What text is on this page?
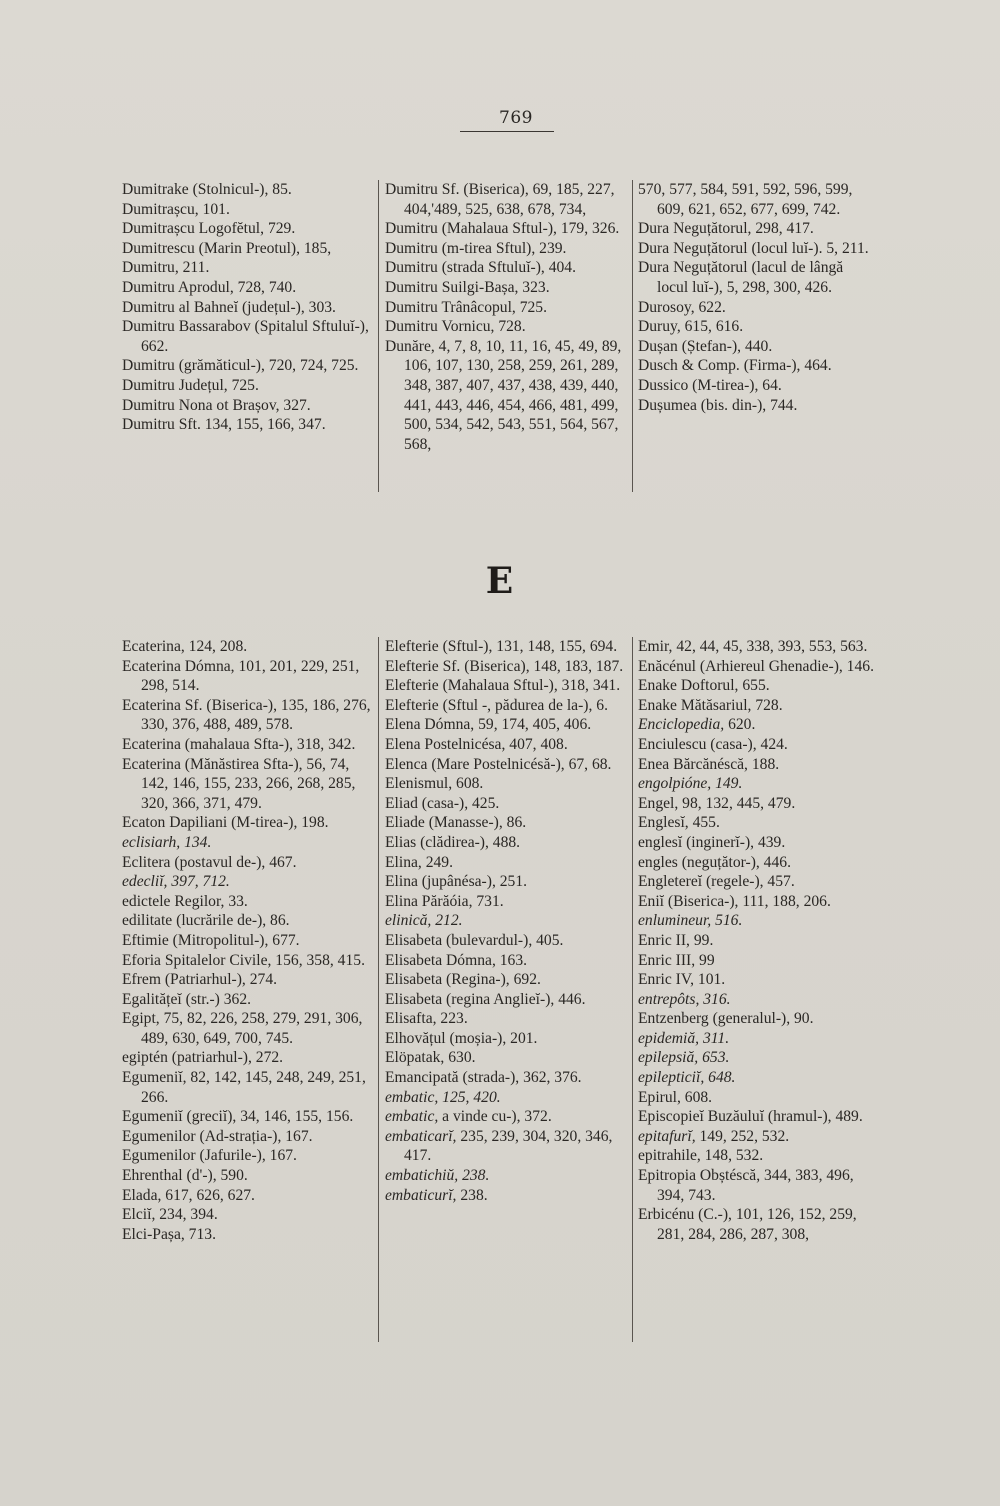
769
Dumitrake (Stolnicul-), 85.
Dumitrașcu, 101.
Dumitrașcu Logofĕtul, 729.
Dumitrescu (Marin Preotul), 185,
Dumitru, 211.
Dumitru Aprodul, 728, 740.
Dumitru al Bahneĭ (județul-), 303.
Dumitru Bassarabov (Spitalul Sftuluĭ-), 662.
Dumitru (grămăticul-), 720, 724, 725.
Dumitru Județul, 725.
Dumitru Nona ot Brașov, 327.
Dumitru Sft. 134, 155, 166, 347.
Dumitru Sf. (Biserica), 69, 185, 227, 404,'489, 525, 638, 678, 734,
Dumitru (Mahalaua Sftul-), 179, 326.
Dumitru (m-tirea Sftul), 239.
Dumitru (strada Sftuluĭ-), 404.
Dumitru Suilgi-Bașa, 323.
Dumitru Trânâcopul, 725.
Dumitru Vornicu, 728.
Dunăre, 4, 7, 8, 10, 11, 16, 45, 49, 89, 106, 107, 130, 258, 259, 261, 289, 348, 387, 407, 437, 438, 439, 440, 441, 443, 446, 454, 466, 481, 499, 500, 534, 542, 543, 551, 564, 567, 568,
570, 577, 584, 591, 592, 596, 599, 609, 621, 652, 677, 699, 742.
Dura Neguțătorul, 298, 417.
Dura Neguțătorul (locul luĭ-). 5, 211.
Dura Neguțătorul (lacul de lângă locul luĭ-), 5, 298, 300, 426.
Durosoy, 622.
Duruy, 615, 616.
Dușan (Ștefan-), 440.
Dusch & Comp. (Firma-), 464.
Dussico (M-tirea-), 64.
Dușumea (bis. din-), 744.
E
Ecaterina, 124, 208.
Ecaterina Dómna, 101, 201, 229, 251, 298, 514.
Ecaterina Sf. (Biserica-), 135, 186, 276, 330, 376, 488, 489, 578.
Ecaterina (mahalaua Sfta-), 318, 342.
Ecaterina (Mănăstirea Sfta-), 56, 74, 142, 146, 155, 233, 266, 268, 285, 320, 366, 371, 479.
Ecaton Dapiliani (M-tirea-), 198.
eclisiarh, 134.
Eclitera (postavul de-), 467.
edecliĭ, 397, 712.
edictele Regilor, 33.
edilitate (lucrările de-), 86.
Eftimie (Mitropolitul-), 677.
Eforia Spitalelor Civile, 156, 358, 415.
Efrem (Patriarhul-), 274.
Egalitățeĭ (str.-) 362.
Egipt, 75, 82, 226, 258, 279, 291, 306, 489, 630, 649, 700, 745.
egiptén (patriarhul-), 272.
Egumeniĭ, 82, 142, 145, 248, 249, 251, 266.
Egumeniĭ (greciĭ), 34, 146, 155, 156.
Egumenilor (Ad-strația-), 167.
Egumenilor (Jafurile-), 167.
Ehrenthal (d'-), 590.
Elada, 617, 626, 627.
Elciĭ, 234, 394.
Elci-Pașa, 713.
Elefterie (Sftul-), 131, 148, 155, 694.
Elefterie Sf. (Biserica), 148, 183, 187.
Elefterie (Mahalaua Sftul-), 318, 341.
Elefterie (Sftul -, pădurea de la-), 6.
Elena Dómna, 59, 174, 405, 406.
Elena Postelnicésa, 407, 408.
Elenca (Mare Postelnicésă-), 67, 68.
Elenismul, 608.
Eliad (casa-), 425.
Eliade (Manasse-), 86.
Elias (clădirea-), 488.
Elina, 249.
Elina (jupânésa-), 251.
Elina Părăóia, 731.
elinică, 212.
Elisabeta (bulevardul-), 405.
Elisabeta Dómna, 163.
Elisabeta (Regina-), 692.
Elisabeta (regina Anglieĭ-), 446.
Elisafta, 223.
Elhovățul (moșia-), 201.
Elöpatak, 630.
Emancipată (strada-), 362, 376.
embatic, 125, 420.
embatic, a vinde cu-), 372.
embaticarĭ, 235, 239, 304, 320, 346, 417.
embatichiŭ, 238.
embaticurĭ, 238.
Emir, 42, 44, 45, 338, 393, 553, 563.
Enăcénul (Arhiereul Ghenadie-), 146.
Enake Doftorul, 655.
Enake Mătăsariul, 728.
Enciclopedia, 620.
Enciulescu (casa-), 424.
Enea Bărcănéscă, 188.
engolpióne, 149.
Engel, 98, 132, 445, 479.
Englesĭ, 455.
englesĭ (inginerĭ-), 439.
engles (neguțător-), 446.
Engletereĭ (regele-), 457.
Eniĭ (Biserica-), 111, 188, 206.
enlumineur, 516.
Enric II, 99.
Enric III, 99
Enric IV, 101.
entrepôts, 316.
Entzenberg (generalul-), 90.
epidemiă, 311.
epilepsiă, 653.
epilepticiĭ, 648.
Epirul, 608.
Episcopieĭ Buzăuluĭ (hramul-), 489.
epitafurĭ, 149, 252, 532.
epitrahile, 148, 532.
Epitropia Obștéscă, 344, 383, 496, 394, 743.
Erbicénu (C.-), 101, 126, 152, 259, 281, 284, 286, 287, 308,
